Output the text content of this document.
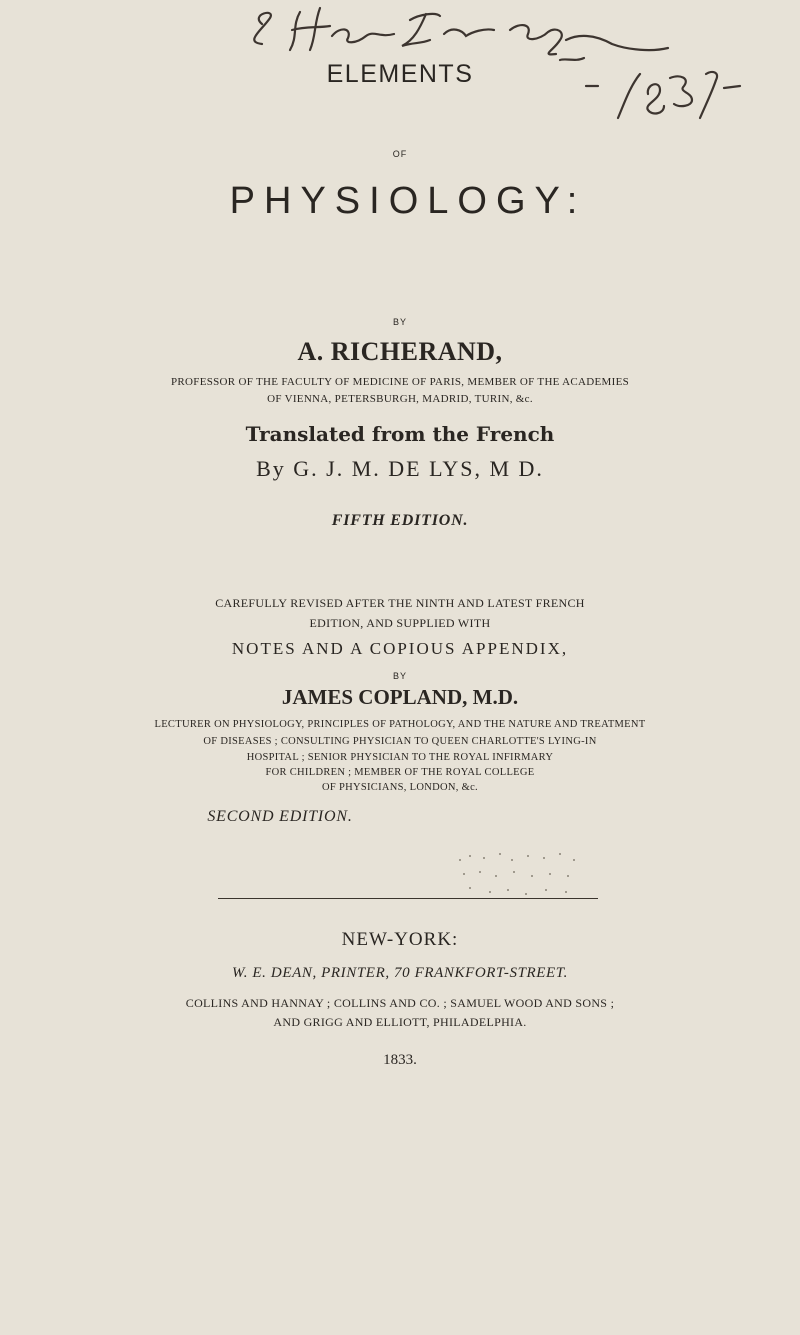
ELEMENTS
OF
PHYSIOLOGY:
BY
A. RICHERAND,
PROFESSOR OF THE FACULTY OF MEDICINE OF PARIS, MEMBER OF THE ACADEMIES
OF VIENNA, PETERSBURGH, MADRID, TURIN, &c.
Translated from the French
By G. J. M. DE LYS, M D.
FIFTH EDITION.
CAREFULLY REVISED AFTER THE NINTH AND LATEST FRENCH
EDITION, AND SUPPLIED WITH
NOTES AND A COPIOUS APPENDIX,
BY
JAMES COPLAND, M.D.
LECTURER ON PHYSIOLOGY, PRINCIPLES OF PATHOLOGY, AND THE NATURE AND TREATMENT
OF DISEASES ; CONSULTING PHYSICIAN TO QUEEN CHARLOTTE'S LYING-IN
HOSPITAL ; SENIOR PHYSICIAN TO THE ROYAL INFIRMARY
FOR CHILDREN ; MEMBER OF THE ROYAL COLLEGE
OF PHYSICIANS, LONDON, &c.
SECOND EDITION.
NEW-YORK:
W. E. DEAN, PRINTER, 70 FRANKFORT-STREET.
COLLINS AND HANNAY ; COLLINS AND CO. ; SAMUEL WOOD AND SONS ;
AND GRIGG AND ELLIOTT, PHILADELPHIA.
1833.
